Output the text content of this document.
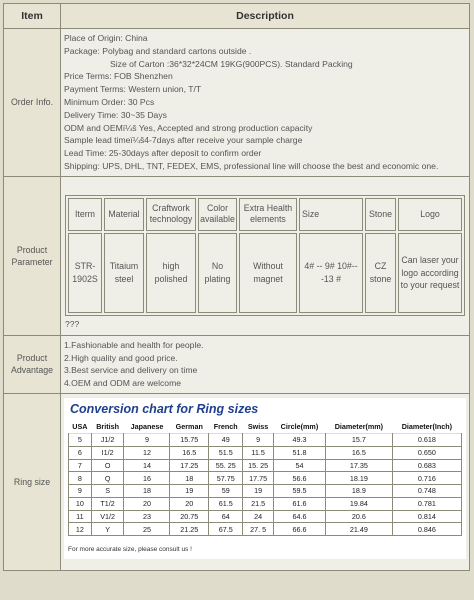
Item	Description
Order Info.	

Place of Origin: China

Package: Polybag and standard cartons outside .

Size of Carton :36*32*24CM 19KG(900PCS). Standard Packing

Price Terms: FOB Shenzhen

Payment Terms: Western union, T/T

Minimum Order: 30 Pcs

Delivery Time: 30~35 Days

ODM and OEMï¼š Yes, Accepted and strong production capacity

Sample lead timeï¼š4-7days after receive your sample charge

Lead Time: 25-30days after deposit to confirm order

Shipping: UPS, DHL, TNT, FEDEX, EMS, professional line will choose the best and economic one.

Product Parameter	
Iterm	Material	Craftwork technology	Color available	Extra Health elements	Size	Stone	Logo
STR-1902S	Titaium steel	high polished	No plating	Without magnet	4# -- 9# 10#---13 #	CZ stone	Can laser your logo according to your request
???

Product Advantage	
1.Fashionable and health for people.
2.High quality and good price.
3.Best service and delivery on time
4.OEM and ODM are welcome

Ring size	
Conversion chart for Ring sizes
USA	British	Japanese	German	French	Swiss	Circle(mm)	Diameter(mm)	Diameter(Inch)
5	J1/2	9	15.75	49	9	49.3	15.7	0.618
6	I1/2	12	16.5	51.5	11.5	51.8	16.5	0.650
7	O	14	17.25	55. 25	15. 25	54	17.35	0.683
8	Q	16	18	57.75	17.75	56.6	18.19	0.716
9	S	18	19	59	19	59.5	18.9	0.748
10	T1/2	20	20	61.5	21.5	61.6	19.84	0.781
11	V1/2	23	20.75	64	24	64.6	20.6	0.814
12	Y	25	21.25	67.5	27. 5	66.6	21.49	0.846
For more accurate size, please consult us !
